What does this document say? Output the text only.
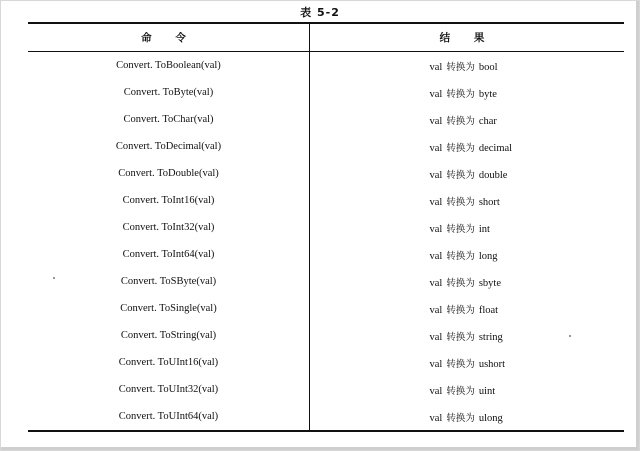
表 5-2
命 令	结 果
Convert. ToBoolean(val)	val 转换为 bool
Convert. ToByte(val)	val 转换为 byte
Convert. ToChar(val)	val 转换为 char
Convert. ToDecimal(val)	val 转换为 decimal
Convert. ToDouble(val)	val 转换为 double
Convert. ToInt16(val)	val 转换为 short
Convert. ToInt32(val)	val 转换为 int
Convert. ToInt64(val)	val 转换为 long
Convert. ToSByte(val)	val 转换为 sbyte
Convert. ToSingle(val)	val 转换为 float
Convert. ToString(val)	val 转换为 string
Convert. ToUInt16(val)	val 转换为 ushort
Convert. ToUInt32(val)	val 转换为 uint
Convert. ToUInt64(val)	val 转换为 ulong
